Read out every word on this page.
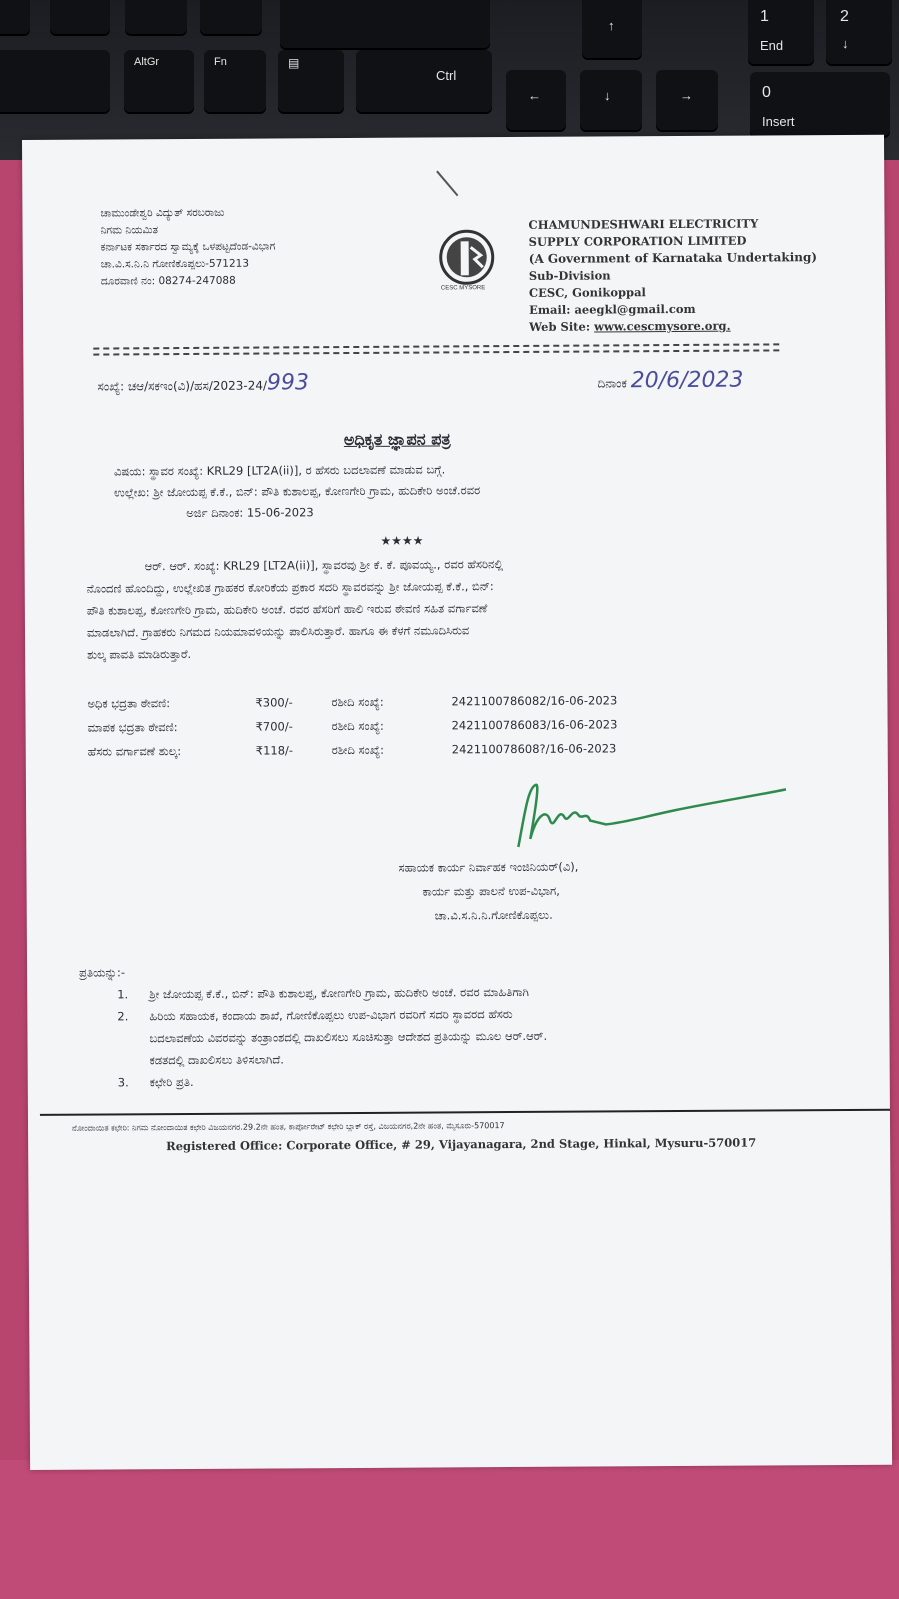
↑
1
End
2
↓
AltGr	Fn	▤
Ctrl
←	↓	→	0
Insert

ಚಾಮುಂಡೇಶ್ವರಿ ವಿದ್ಯುತ್ ಸರಬರಾಜು

ನಿಗಮ ನಿಯಮಿತ

ಕರ್ನಾಟಕ ಸರ್ಕಾರದ ಸ್ವಾಮ್ಯಕ್ಕೆ ಒಳಪಟ್ಟದೆಂಡ-ವಿಭಾಗ

ಚಾ.ವಿ.ಸ.ನಿ.ನಿ ಗೋಣಿಕೊಪ್ಪಲು-571213

ದೂರವಾಣಿ ನಂ: 08274-247088

CESC MYSORE

CHAMUNDESHWARI ELECTRICITY

SUPPLY CORPORATION LIMITED

(A Government of Karnataka Undertaking)

Sub-Division

CESC, Gonikoppal

Email: aeegkl@gmail.com

Web Site: www.cescmysore.org.

ಸಂಖ್ಯೆ: ಚಆ/ಸಕಇಂ(ವಿ)/ಹಸ/2023-24/993	ದಿನಾಂಕ 20/6/2023
ಅಧಿಕೃತ ಜ್ಞಾಪನ ಪತ್ರ

ವಿಷಯ: ಸ್ಥಾವರ ಸಂಖ್ಯೆ: KRL29 [LT2A(ii)], ರ ಹೆಸರು ಬದಲಾವಣೆ ಮಾಡುವ ಬಗ್ಗೆ.

ಉಲ್ಲೇಖ: ಶ್ರೀ ಜೋಯಪ್ಪ ಕೆ.ಕೆ., ಬಿನ್: ಪೌತಿ ಕುಶಾಲಪ್ಪ, ಕೋಣಗೇರಿ ಗ್ರಾಮ, ಹುದಿಕೇರಿ ಅಂಚೆ.ರವರ

ಅರ್ಜಿ ದಿನಾಂಕ: 15-06-2023

★★★★

ಆರ್. ಆರ್. ಸಂಖ್ಯೆ: KRL29 [LT2A(ii)], ಸ್ಥಾವರವು ಶ್ರೀ ಕೆ. ಕೆ. ಪೂವಯ್ಯ., ರವರ ಹೆಸರಿನಲ್ಲಿ

ನೊಂದಣಿ ಹೊಂದಿದ್ದು, ಉಲ್ಲೇಖಿತ ಗ್ರಾಹಕರ ಕೋರಿಕೆಯ ಪ್ರಕಾರ ಸದರಿ ಸ್ಥಾವರವನ್ನು ಶ್ರೀ ಜೋಯಪ್ಪ ಕೆ.ಕೆ., ಬಿನ್:

ಪೌತಿ ಕುಶಾಲಪ್ಪ, ಕೋಣಗೇರಿ ಗ್ರಾಮ, ಹುದಿಕೇರಿ ಅಂಚೆ. ರವರ ಹೆಸರಿಗೆ ಹಾಲಿ ಇರುವ ಠೇವಣಿ ಸಹಿತ ವರ್ಗಾವಣೆ

ಮಾಡಲಾಗಿದೆ. ಗ್ರಾಹಕರು ನಿಗಮದ ನಿಯಮಾವಳಿಯನ್ನು ಪಾಲಿಸಿರುತ್ತಾರೆ. ಹಾಗೂ ಈ ಕೆಳಗೆ ನಮೂದಿಸಿರುವ

ಶುಲ್ಕ ಪಾವತಿ ಮಾಡಿರುತ್ತಾರೆ.

ಅಧಿಕ ಭದ್ರತಾ ಠೇವಣಿ:	₹300/-	ರಶೀದಿ ಸಂಖ್ಯೆ:	2421100786082/16-06-2023
ಮಾಪಕ ಭದ್ರತಾ ಠೇವಣಿ:	₹700/-	ರಶೀದಿ ಸಂಖ್ಯೆ:	2421100786083/16-06-2023
ಹೆಸರು ವರ್ಗಾವಣೆ ಶುಲ್ಕ:	₹118/-	ರಶೀದಿ ಸಂಖ್ಯೆ:	242110078608?/16-06-2023

ಸಹಾಯಕ ಕಾರ್ಯ ನಿರ್ವಾಹಕ ಇಂಜಿನಿಯರ್(ವಿ),

ಕಾರ್ಯ ಮತ್ತು ಪಾಲನೆ ಉಪ-ವಿಭಾಗ,

ಚಾ.ವಿ.ಸ.ನಿ.ನಿ.ಗೋಣಿಕೊಪ್ಪಲು.

ಪ್ರತಿಯನ್ನು:-

1.	ಶ್ರೀ ಜೋಯಪ್ಪ ಕೆ.ಕೆ., ಬಿನ್: ಪೌತಿ ಕುಶಾಲಪ್ಪ, ಕೋಣಗೇರಿ ಗ್ರಾಮ, ಹುದಿಕೇರಿ ಅಂಚೆ. ರವರ ಮಾಹಿತಿಗಾಗಿ

2.	ಹಿರಿಯ ಸಹಾಯಕ, ಕಂದಾಯ ಶಾಖೆ, ಗೋಣಿಕೊಪ್ಪಲು ಉಪ-ವಿಭಾಗ ರವರಿಗೆ ಸದರಿ ಸ್ಥಾವರದ ಹೆಸರು

ಬದಲಾವಣೆಯ ವಿವರವನ್ನು ತಂತ್ರಾಂಶದಲ್ಲಿ ದಾಖಲಿಸಲು ಸೂಚಿಸುತ್ತಾ ಆದೇಶದ ಪ್ರತಿಯನ್ನು ಮೂಲ ಆರ್.ಆರ್.

ಕಡತದಲ್ಲಿ ದಾಖಲಿಸಲು ತಿಳಿಸಲಾಗಿದೆ.

3.	ಕಛೇರಿ ಪ್ರತಿ.

ನೋಂದಾಯಿತ ಕಛೇರಿ: ನಿಗಮ ನೋಂದಾಯಿತ ಕಛೇರಿ ವಿಜಯನಗರ.29.2ನೇ ಹಂತ, ಕಾರ್ಪೋರೇಟ್ ಕಛೇರಿ ಬ್ಲಾಕ್ ರಸ್ತೆ, ವಿಜಯನಗರ,2ನೇ ಹಂತ, ಮೈಸೂರು-570017
Registered Office: Corporate Office, # 29, Vijayanagara, 2nd Stage, Hinkal, Mysuru-570017
